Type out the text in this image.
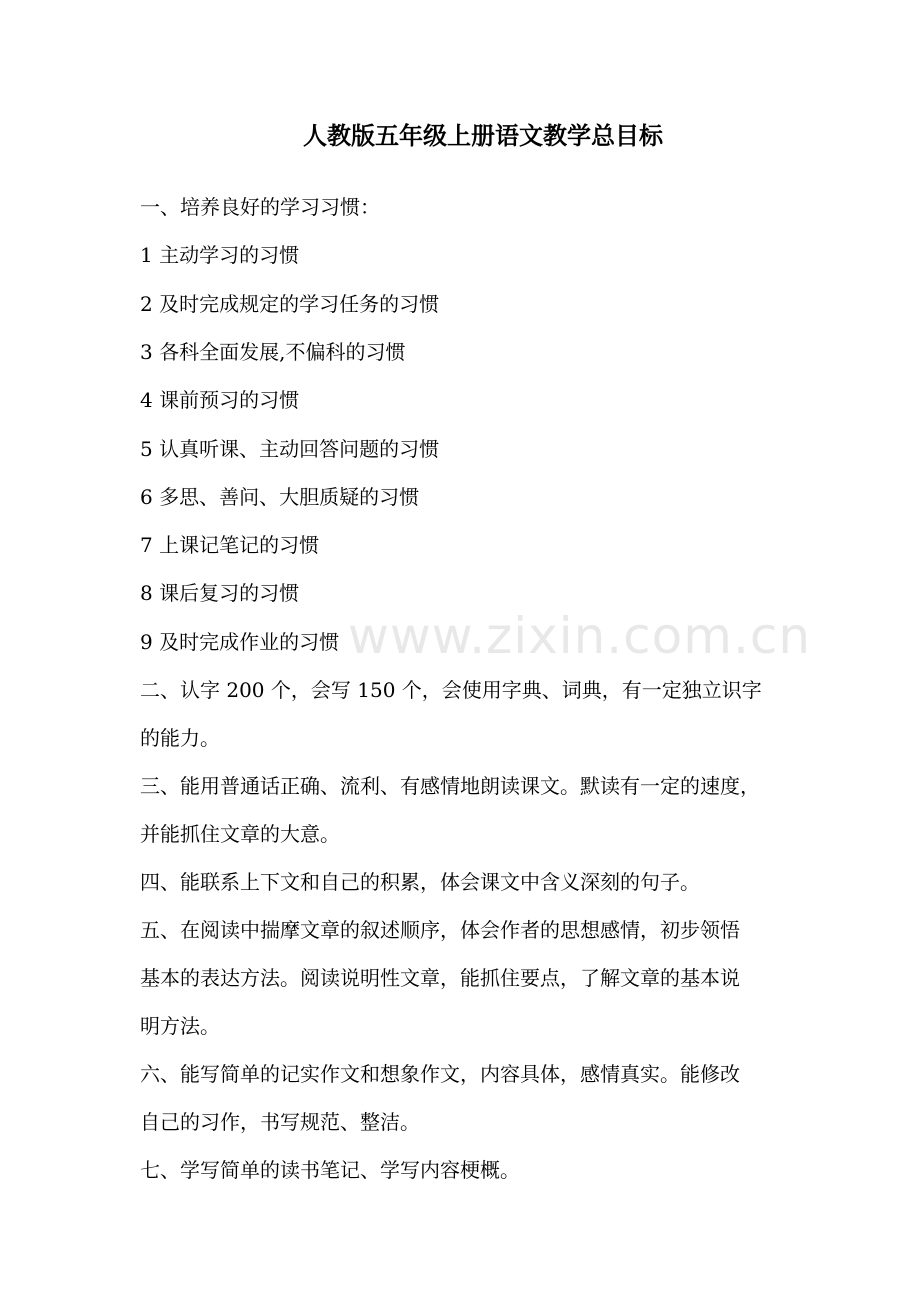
人教版五年级上册语文教学总目标

一、培养良好的学习习惯：

1 主动学习的习惯

2 及时完成规定的学习任务的习惯

3 各科全面发展,不偏科的习惯

4 课前预习的习惯

5 认真听课、主动回答问题的习惯

6 多思、善问、大胆质疑的习惯

7 上课记笔记的习惯

8 课后复习的习惯

9 及时完成作业的习惯

二、认字 200 个，会写 150 个，会使用字典、词典，有一定独立识字

的能力。

三、能用普通话正确、流利、有感情地朗读课文。默读有一定的速度，

并能抓住文章的大意。

四、能联系上下文和自己的积累，体会课文中含义深刻的句子。

五、在阅读中揣摩文章的叙述顺序，体会作者的思想感情，初步领悟

基本的表达方法。阅读说明性文章，能抓住要点，了解文章的基本说

明方法。

六、能写简单的记实作文和想象作文，内容具体，感情真实。能修改

自己的习作，书写规范、整洁。

七、学写简单的读书笔记、学写内容梗概。

www.zixin.com.cn
